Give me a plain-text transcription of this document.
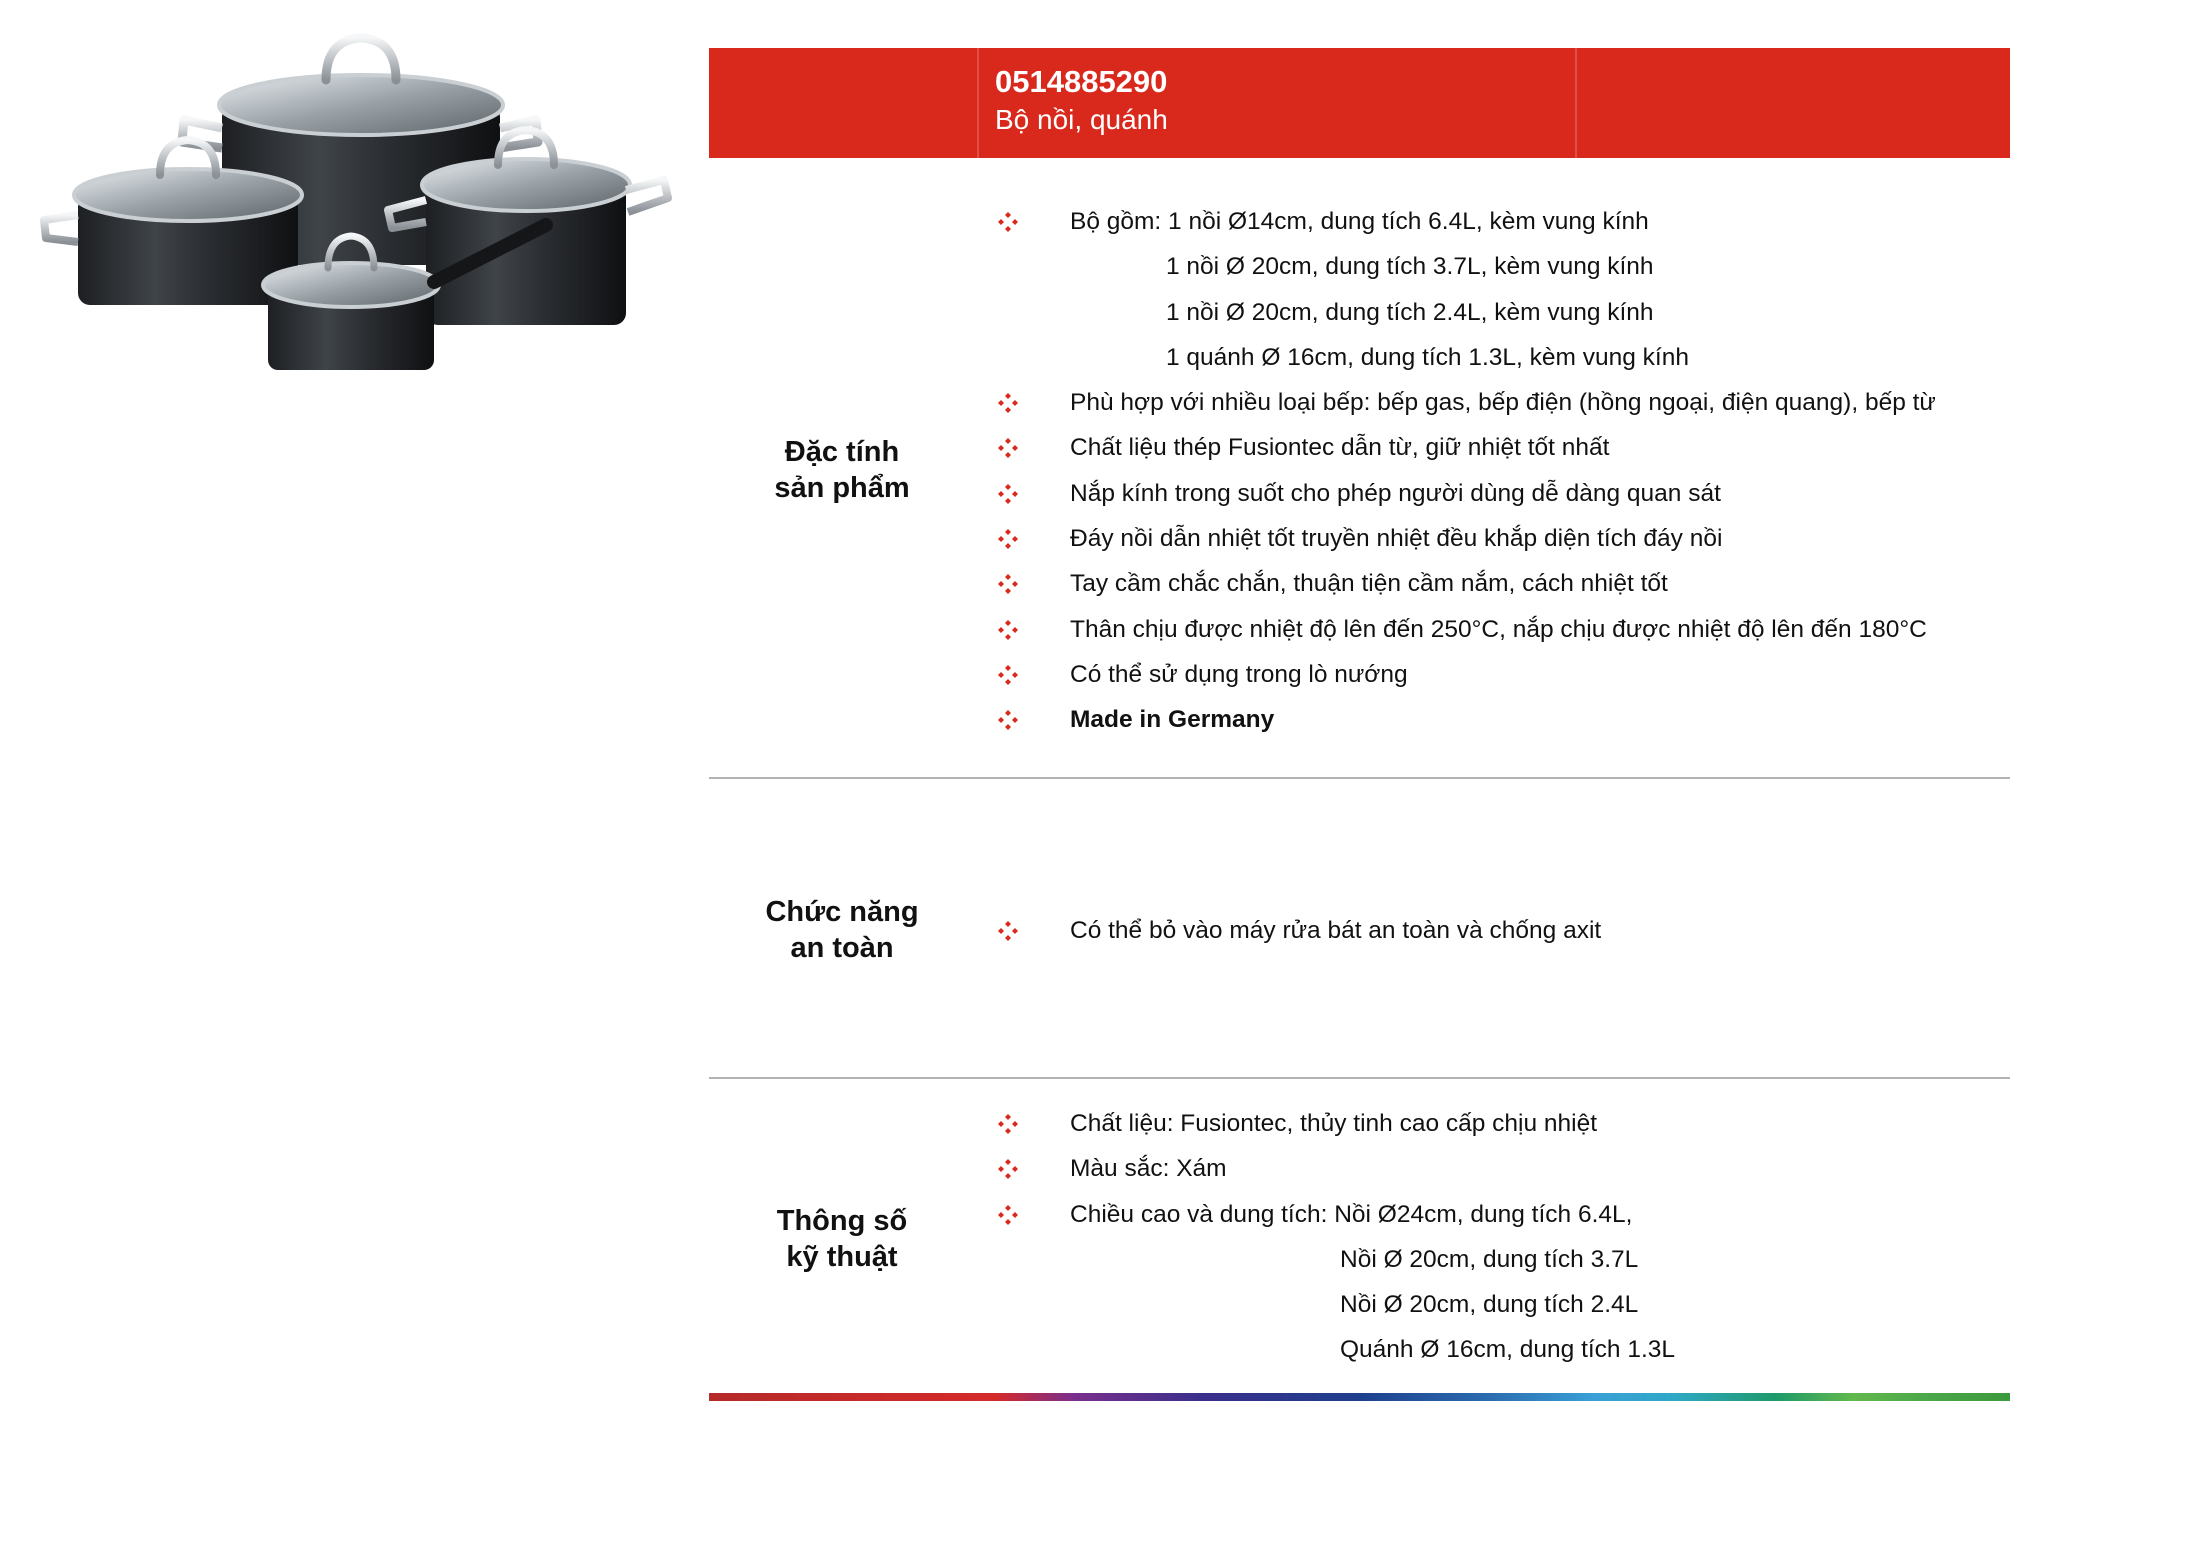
0514885290
Bộ nồi, quánh
Đặc tính
sản phẩm
Bộ gồm: 1 nồi Ø14cm, dung tích 6.4L, kèm vung kính
1 nồi Ø 20cm, dung tích 3.7L, kèm vung kính
1 nồi Ø 20cm, dung tích 2.4L, kèm vung kính
1 quánh Ø 16cm, dung tích 1.3L, kèm vung kính
Phù hợp với nhiều loại bếp: bếp gas, bếp điện (hồng ngoại, điện quang), bếp từ
Chất liệu thép Fusiontec dẫn từ, giữ nhiệt tốt nhất
Nắp kính trong suốt cho phép người dùng dễ dàng quan sát
Đáy nồi dẫn nhiệt tốt truyền nhiệt đều khắp diện tích đáy nồi
Tay cầm chắc chắn, thuận tiện cầm nắm, cách nhiệt tốt
Thân chịu được nhiệt độ lên đến 250°C, nắp chịu được nhiệt độ lên đến 180°C
Có thể sử dụng trong lò nướng
Made in Germany
Chức năng
an toàn
Có thể bỏ vào máy rửa bát an toàn và chống axit
Thông số
kỹ thuật
Chất liệu: Fusiontec, thủy tinh cao cấp chịu nhiệt
Màu sắc: Xám
Chiều cao và dung tích: Nồi Ø24cm, dung tích 6.4L,
Nồi Ø 20cm, dung tích 3.7L
Nồi Ø 20cm, dung tích 2.4L
Quánh Ø 16cm, dung tích 1.3L
